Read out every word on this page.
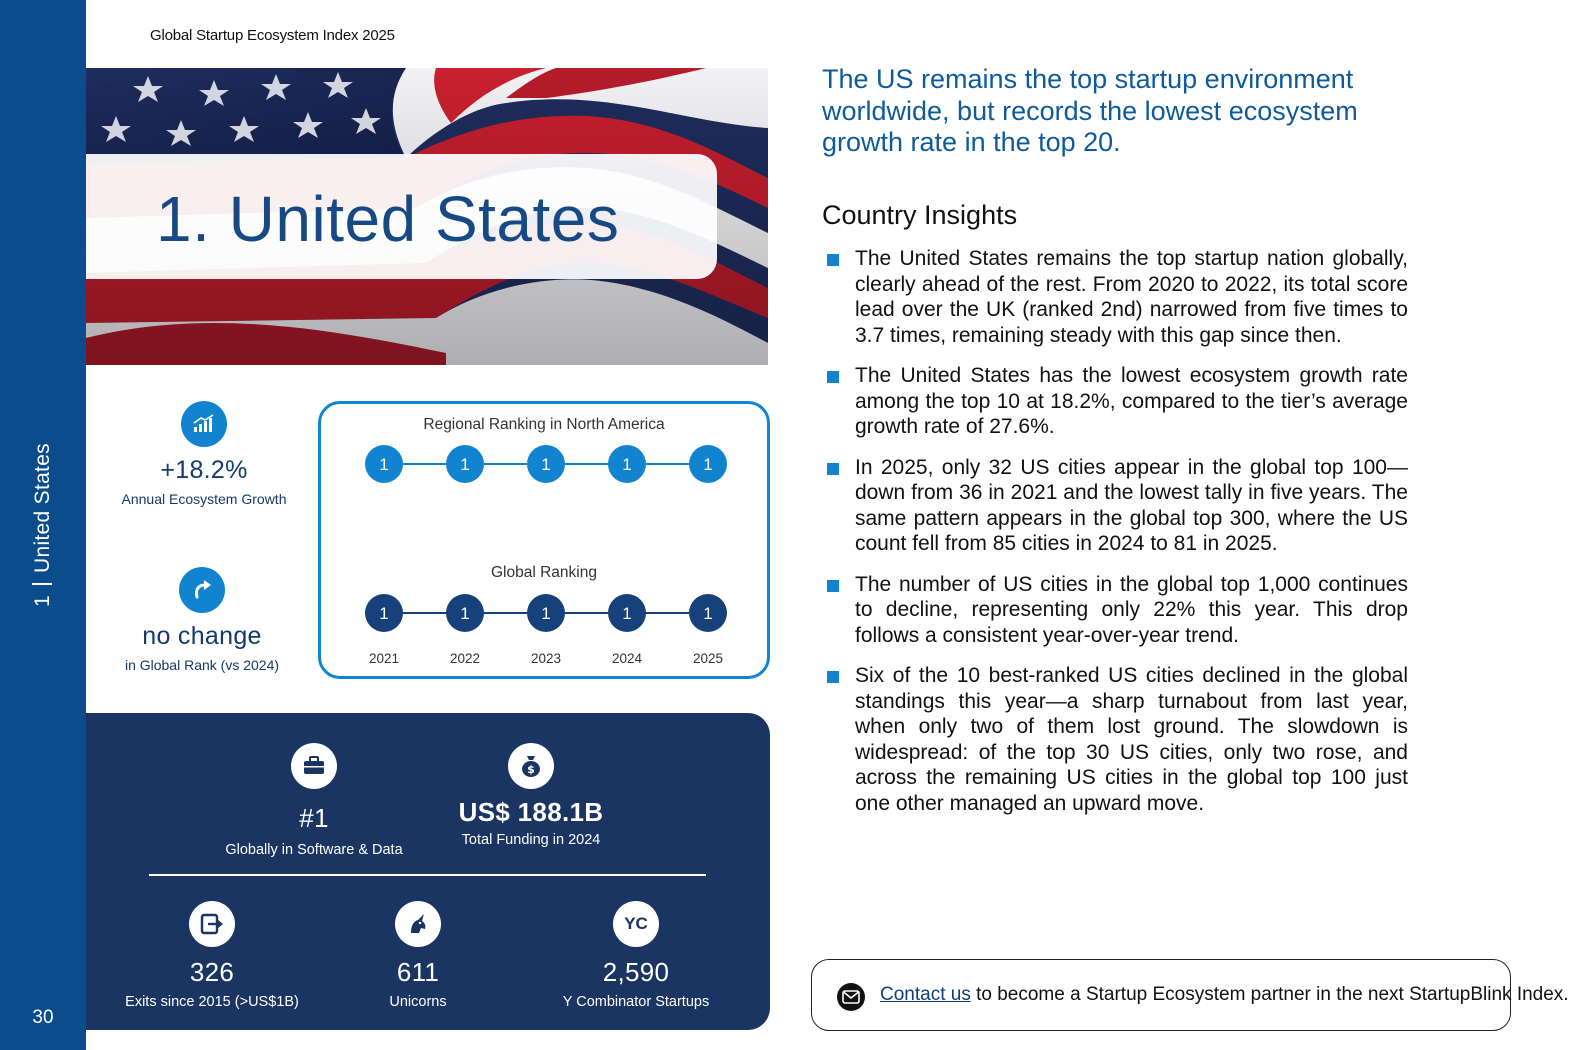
1United States
30
Global Startup Ecosystem Index 2025
1. United States
+18.2%
Annual Ecosystem Growth
no change
in Global Rank (vs 2024)
Regional Ranking in North America
Global Ranking
1	1	1	1	1
1	1	1	1	1
2021	2022	2023	2024	2025
#1
Globally in Software & Data
$
US$ 188.1B
Total Funding in 2024
326
Exits since 2015 (>US$1B)
611
Unicorns
YC
2,590
Y Combinator Startups
The US remains the top startup environment worldwide, but records the lowest ecosystem growth rate in the top 20.
Country Insights
The United States remains the top startup nation globally, clearly ahead of the rest. From 2020 to 2022, its total score lead over the UK (ranked 2nd) narrowed from five times to 3.7 times, remaining steady with this gap since then.
The United States has the lowest ecosystem growth rate among the top 10 at 18.2%, compared to the tier’s average growth rate of 27.6%.
In 2025, only 32 US cities appear in the global top 100—down from 36 in 2021 and the lowest tally in five years. The same pattern appears in the global top 300, where the US count fell from 85 cities in 2024 to 81 in 2025.
The number of US cities in the global top 1,000 continues to decline, representing only 22% this year. This drop follows a consistent year-over-year trend.
Six of the 10 best-ranked US cities declined in the global standings this year—a sharp turnabout from last year, when only two of them lost ground. The slowdown is widespread: of the top 30 US cities, only two rose, and across the remaining US cities in the global top 100 just one other managed an upward move.
Contact us to become a Startup Ecosystem partner in the next StartupBlink Index.
